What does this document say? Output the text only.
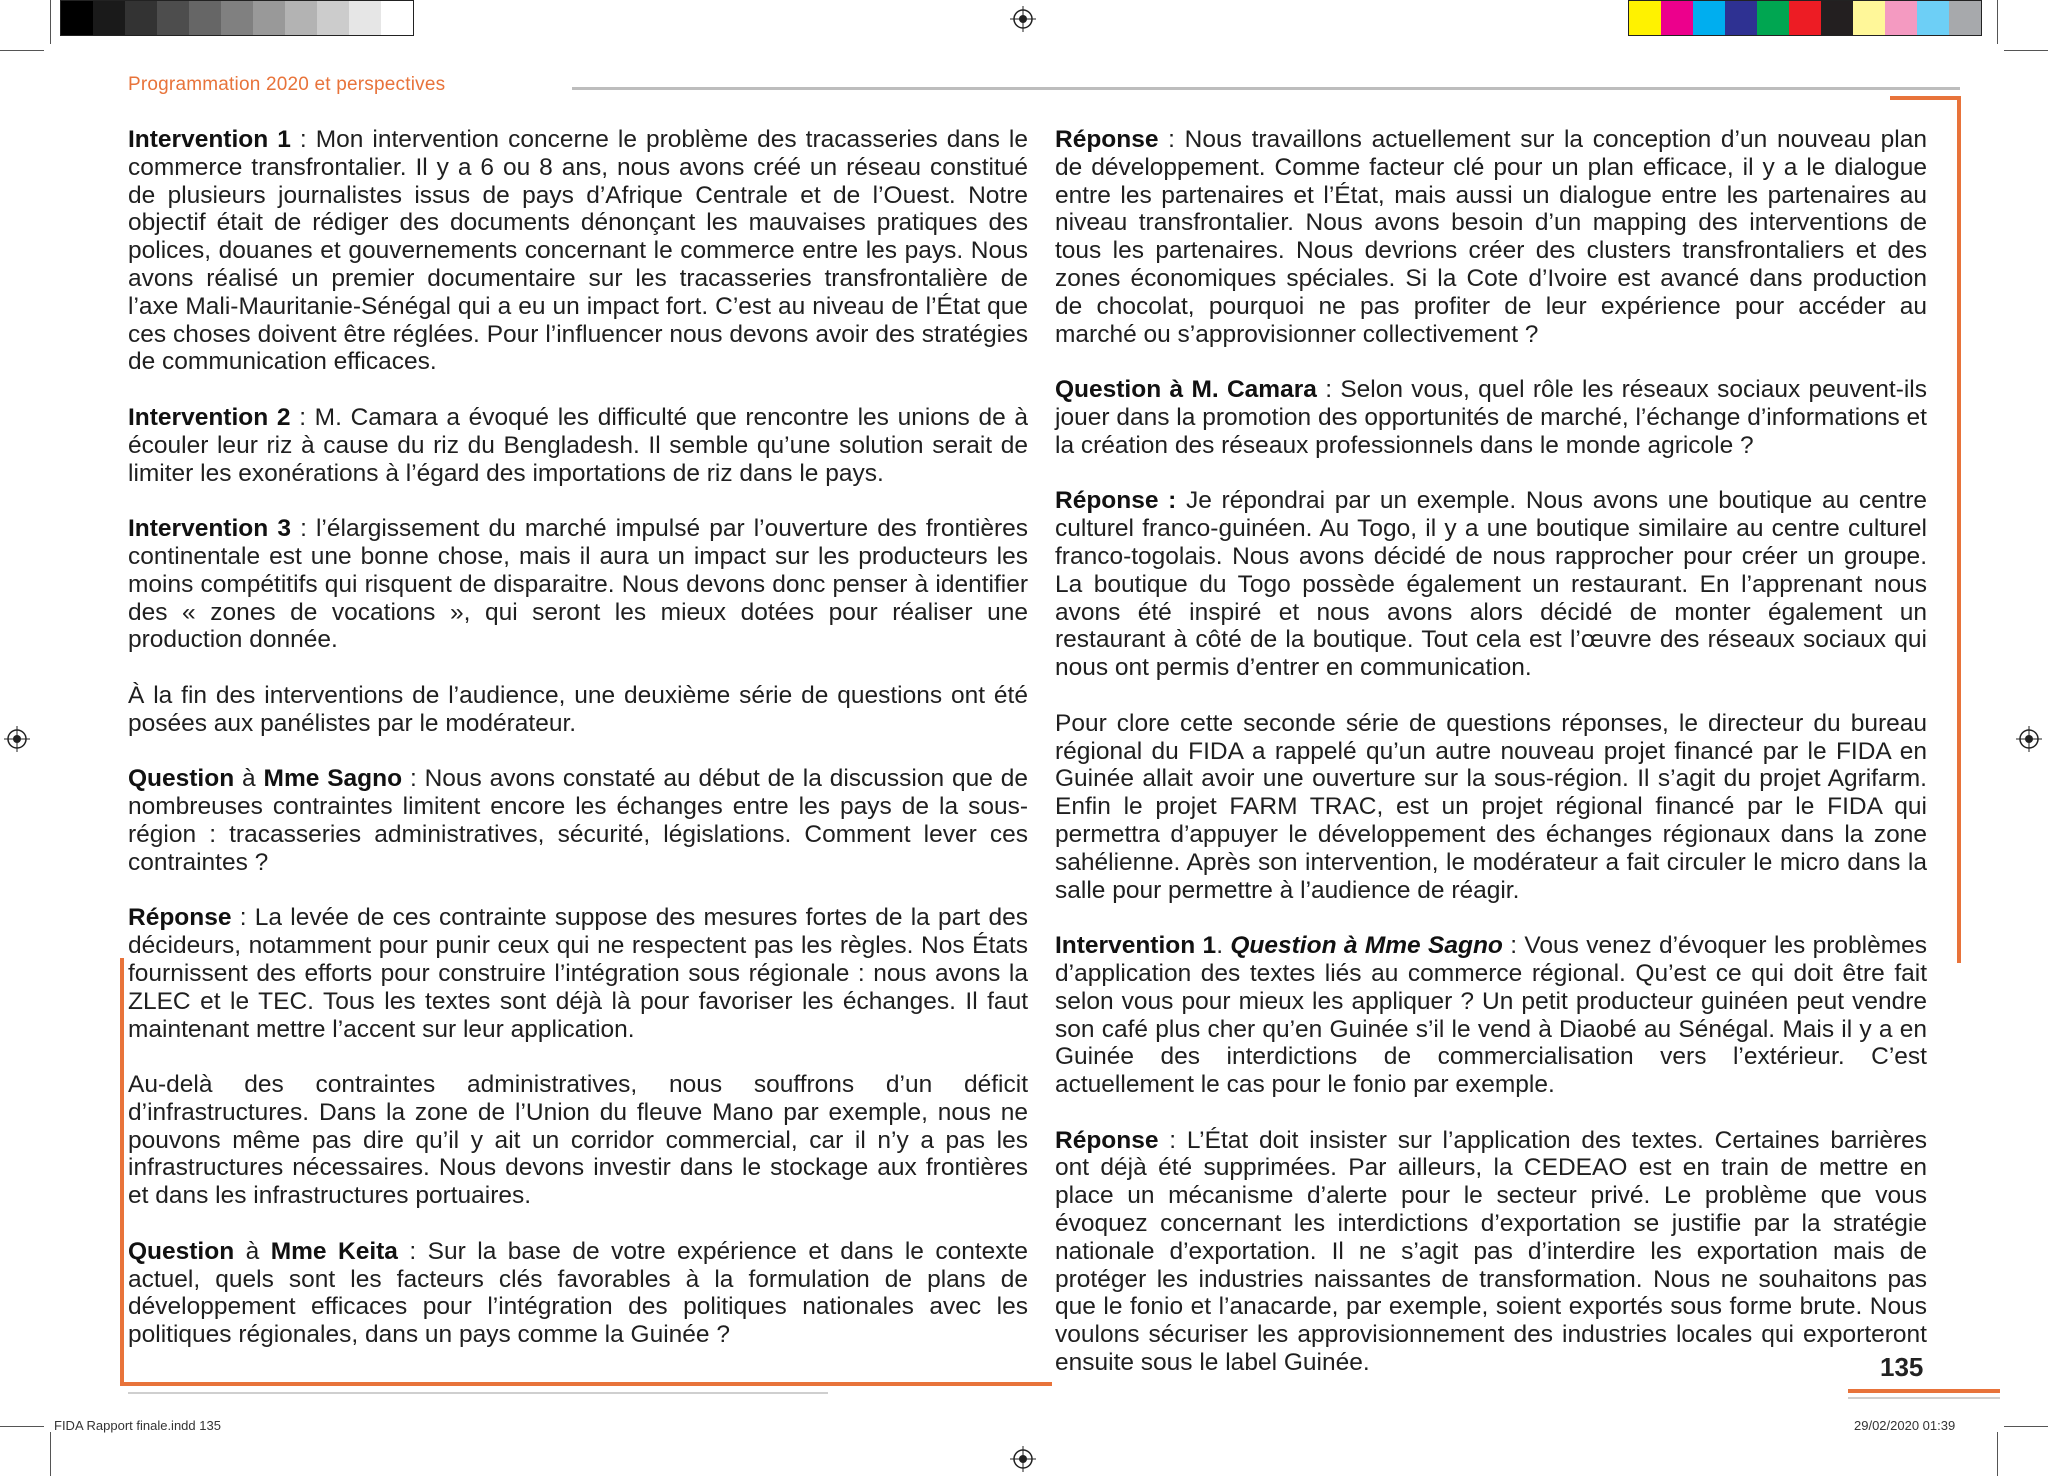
Programmation 2020 et perspectives

Intervention 1 : Mon intervention concerne le problème des tracasseries dans le commerce transfrontalier. Il y a 6 ou 8 ans, nous avons créé un réseau constitué de plusieurs journalistes issus de pays d’Afrique Centrale et de l’Ouest. Notre objectif était de rédiger des documents dénonçant les mauvaises pratiques des polices, douanes et gouvernements concernant le commerce entre les pays. Nous avons réalisé un premier documentaire sur les tracasseries transfrontalière de l’axe Mali-Mauritanie-Sénégal qui a eu un impact fort. C’est au niveau de l’État que ces choses doivent être réglées. Pour l’influencer nous devons avoir des stratégies de communication efficaces.

Intervention 2 : M. Camara a évoqué les difficulté que rencontre les unions de à écouler leur riz à cause du riz du Bengladesh. Il semble qu’une solution serait de limiter les exonérations à l’égard des importations de riz dans le pays.

Intervention 3 : l’élargissement du marché impulsé par l’ouverture des frontières continentale est une bonne chose, mais il aura un impact sur les producteurs les moins compétitifs qui risquent de disparaitre. Nous devons donc penser à identifier des « zones de vocations », qui seront les mieux dotées pour réaliser une production donnée.

À la fin des interventions de l’audience, une deuxième série de questions ont été posées aux panélistes par le modérateur.

Question à Mme Sagno : Nous avons constaté au début de la discussion que de nombreuses contraintes limitent encore les échanges entre les pays de la sous-région : tracasseries administratives, sécurité, législations. Comment lever ces contraintes ?

Réponse : La levée de ces contrainte suppose des mesures fortes de la part des décideurs, notamment pour punir ceux qui ne respectent pas les règles. Nos États fournissent des efforts pour construire l’intégration sous régionale : nous avons la ZLEC et le TEC. Tous les textes sont déjà là pour favoriser les échanges. Il faut maintenant mettre l’accent sur leur application.

Au-delà des contraintes administratives, nous souffrons d’un déficit d’infrastructures. Dans la zone de l’Union du fleuve Mano par exemple, nous ne pouvons même pas dire qu’il y ait un corridor commercial, car il n’y a pas les infrastructures nécessaires. Nous devons investir dans le stockage aux frontières et dans les infrastructures portuaires.

Question à Mme Keita : Sur la base de votre expérience et dans le contexte actuel, quels sont les facteurs clés favorables à la formulation de plans de développement efficaces pour l’intégration des politiques nationales avec les politiques régionales, dans un pays comme la Guinée ?

Réponse : Nous travaillons actuellement sur la conception d’un nouveau plan de développement. Comme facteur clé pour un plan efficace, il y a le dialogue entre les partenaires et l’État, mais aussi un dialogue entre les partenaires au niveau transfrontalier. Nous avons besoin d’un mapping des interventions de tous les partenaires. Nous devrions créer des clusters transfrontaliers et des zones économiques spéciales. Si la Cote d’Ivoire est avancé dans production de chocolat, pourquoi ne pas profiter de leur expérience pour accéder au marché ou s’approvisionner collectivement ?

Question à M. Camara : Selon vous, quel rôle les réseaux sociaux peuvent-ils jouer dans la promotion des opportunités de marché, l’échange d’informations et la création des réseaux professionnels dans le monde agricole ?

Réponse : Je répondrai par un exemple. Nous avons une boutique au centre culturel franco-guinéen. Au Togo, il y a une boutique similaire au centre culturel franco-togolais. Nous avons décidé de nous rapprocher pour créer un groupe. La boutique du Togo possède également un restaurant. En l’apprenant nous avons été inspiré et nous avons alors décidé de monter également un restaurant à côté de la boutique. Tout cela est l’œuvre des réseaux sociaux qui nous ont permis d’entrer en communication.

Pour clore cette seconde série de questions réponses, le directeur du bureau régional du FIDA a rappelé qu’un autre nouveau projet financé par le FIDA en Guinée allait avoir une ouverture sur la sous-région. Il s’agit du projet Agrifarm. Enfin le projet FARM TRAC, est un projet régional financé par le FIDA qui permettra d’appuyer le développement des échanges régionaux dans la zone sahélienne. Après son intervention, le modérateur a fait circuler le micro dans la salle pour permettre à l’audience de réagir.

Intervention 1. Question à Mme Sagno : Vous venez d’évoquer les problèmes d’application des textes liés au commerce régional. Qu’est ce qui doit être fait selon vous pour mieux les appliquer ? Un petit producteur guinéen peut vendre son café plus cher qu’en Guinée s’il le vend à Diaobé au Sénégal. Mais il y a en Guinée des interdictions de commercialisation vers l’extérieur. C’est actuellement le cas pour le fonio par exemple.

Réponse : L’État doit insister sur l’application des textes. Certaines barrières ont déjà été supprimées. Par ailleurs, la CEDEAO est en train de mettre en place un mécanisme d’alerte pour le secteur privé. Le problème que vous évoquez concernant les interdictions d’exportation se justifie par la stratégie nationale d’exportation. Il ne s’agit pas d’interdire les exportation mais de protéger les industries naissantes de transformation. Nous ne souhaitons pas que le fonio et l’anacarde, par exemple, soient exportés sous forme brute. Nous voulons sécuriser les approvisionnement des industries locales qui exporteront ensuite sous le label Guinée.	135
FIDA Rapport finale.indd 135	29/02/2020 01:39
